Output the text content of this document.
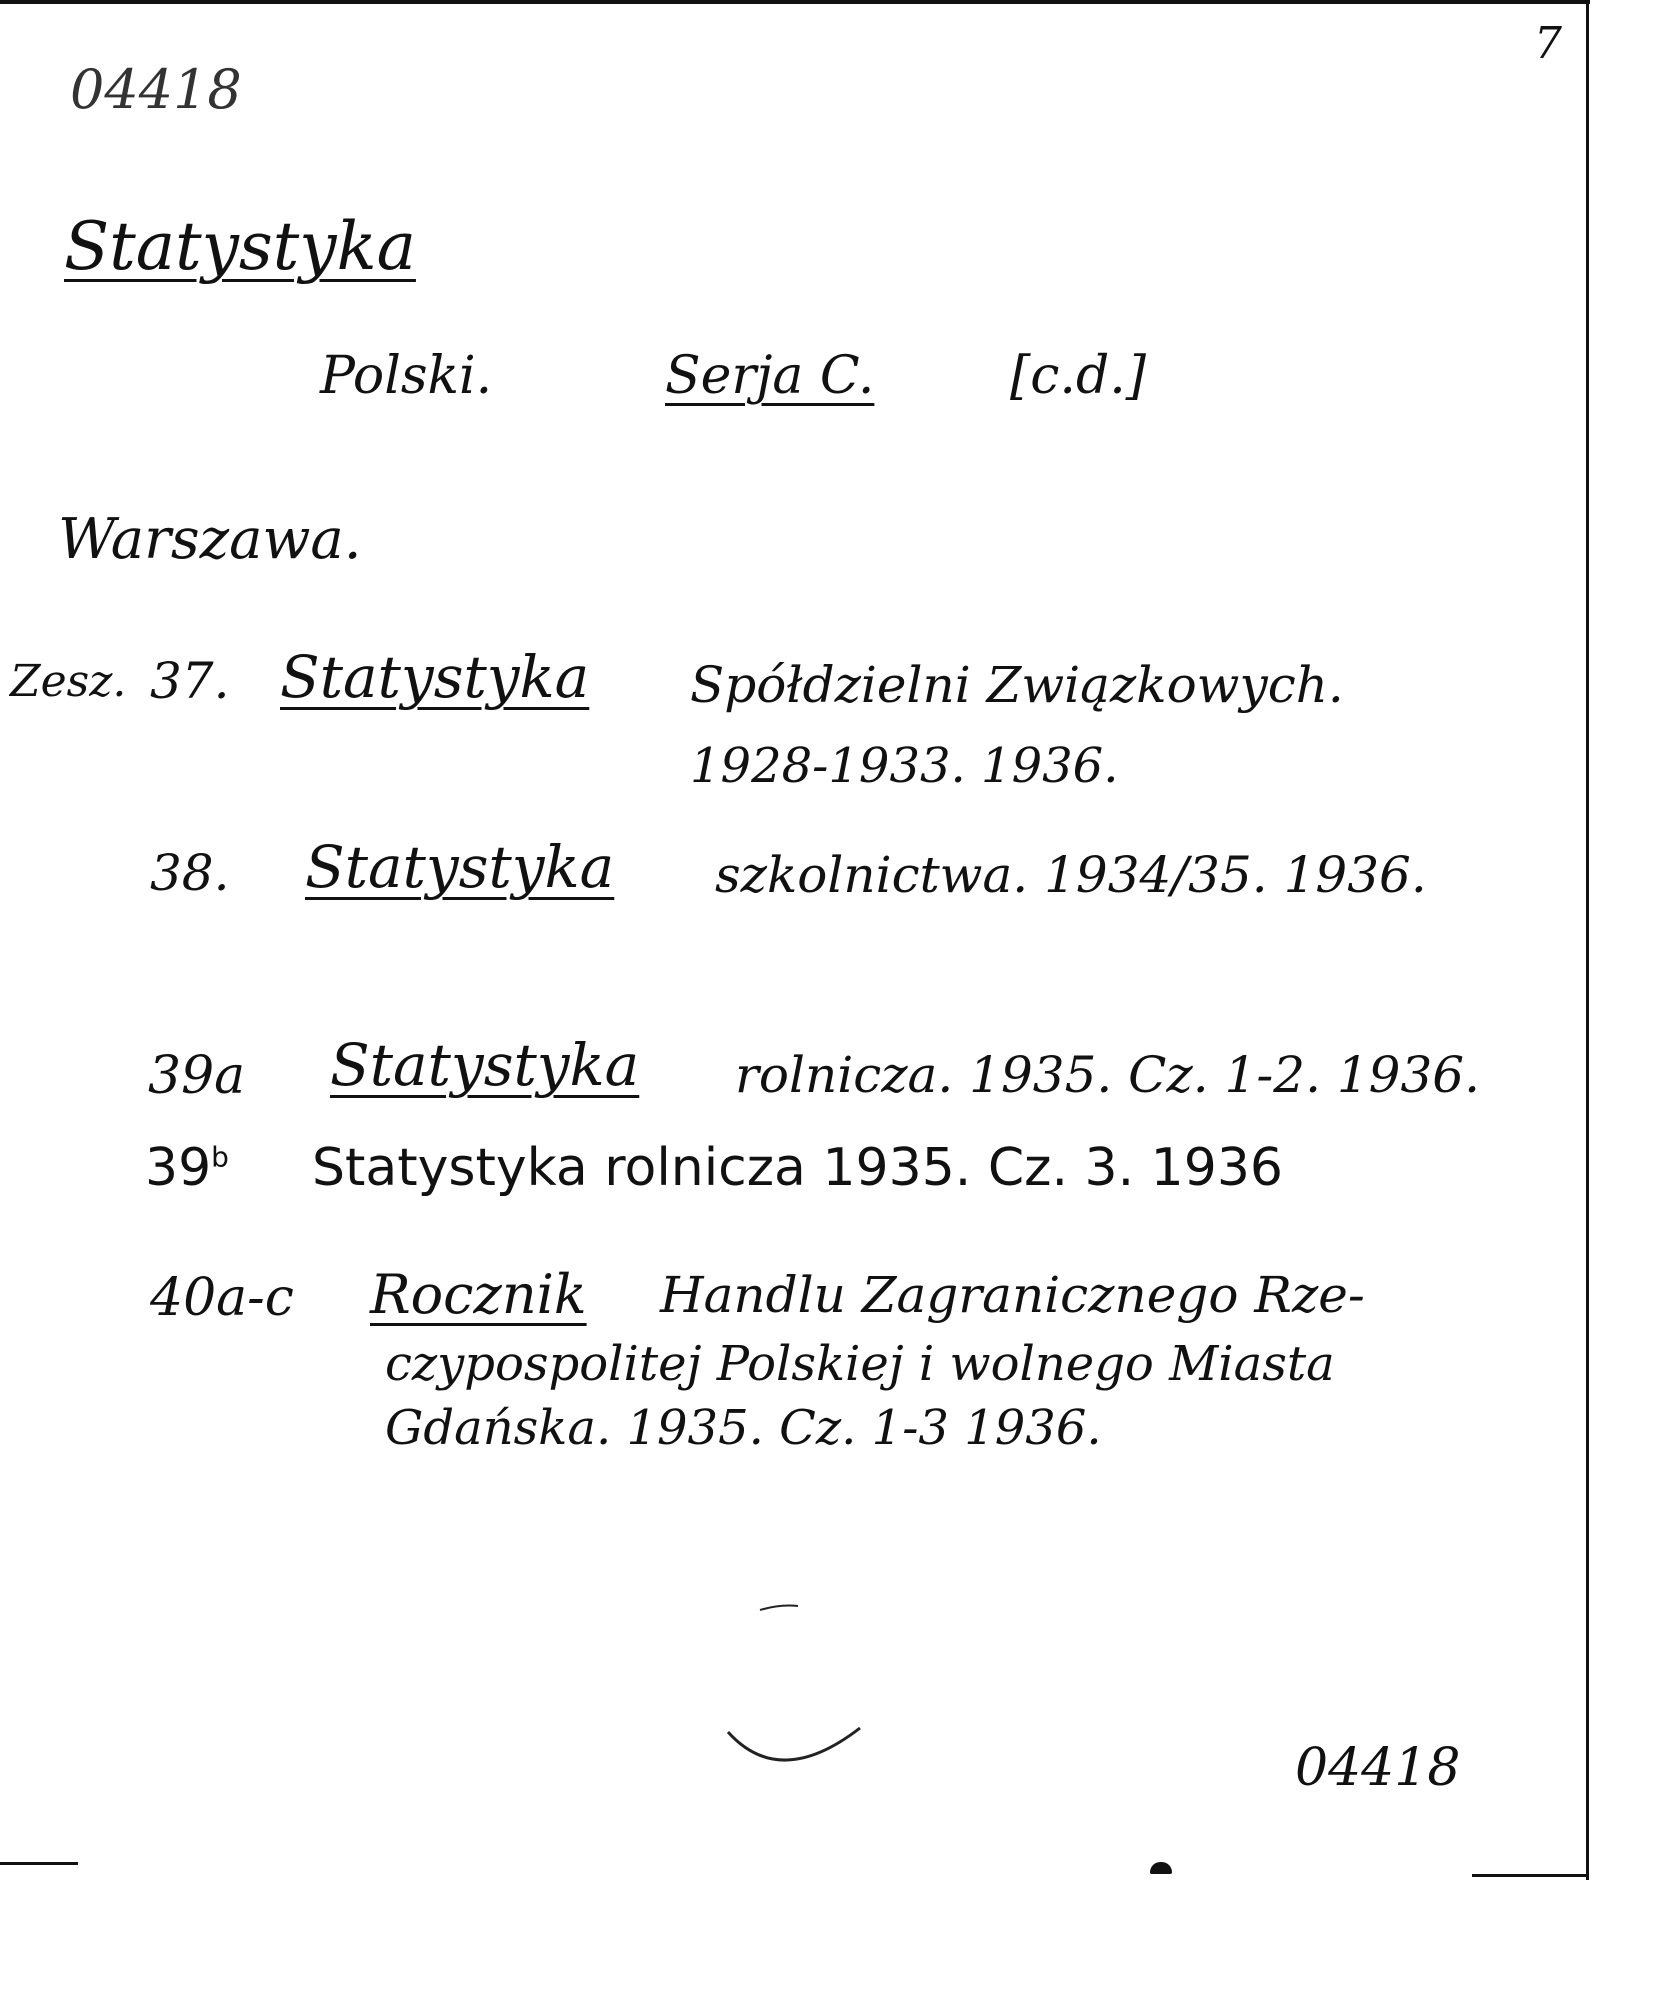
04418
7
Statystyka
Polski.	Serja C.	[c.d.]
Warszawa.
Zesz. 37. Statystyka Spółdzielni Związkowych.
1928-1933. 1936.
38. Statystyka szkolnictwa. 1934/35. 1936.
39a Statystyka rolnicza. 1935. Cz. 1-2. 1936.
39$^b$ Statystyka rolnicza 1935. Cz. 3. 1936
40a-c Rocznik Handlu Zagranicznego Rze-
czypospolitej Polskiej i wolnego Miasta
Gdańska. 1935. Cz. 1-3 1936.
04418
